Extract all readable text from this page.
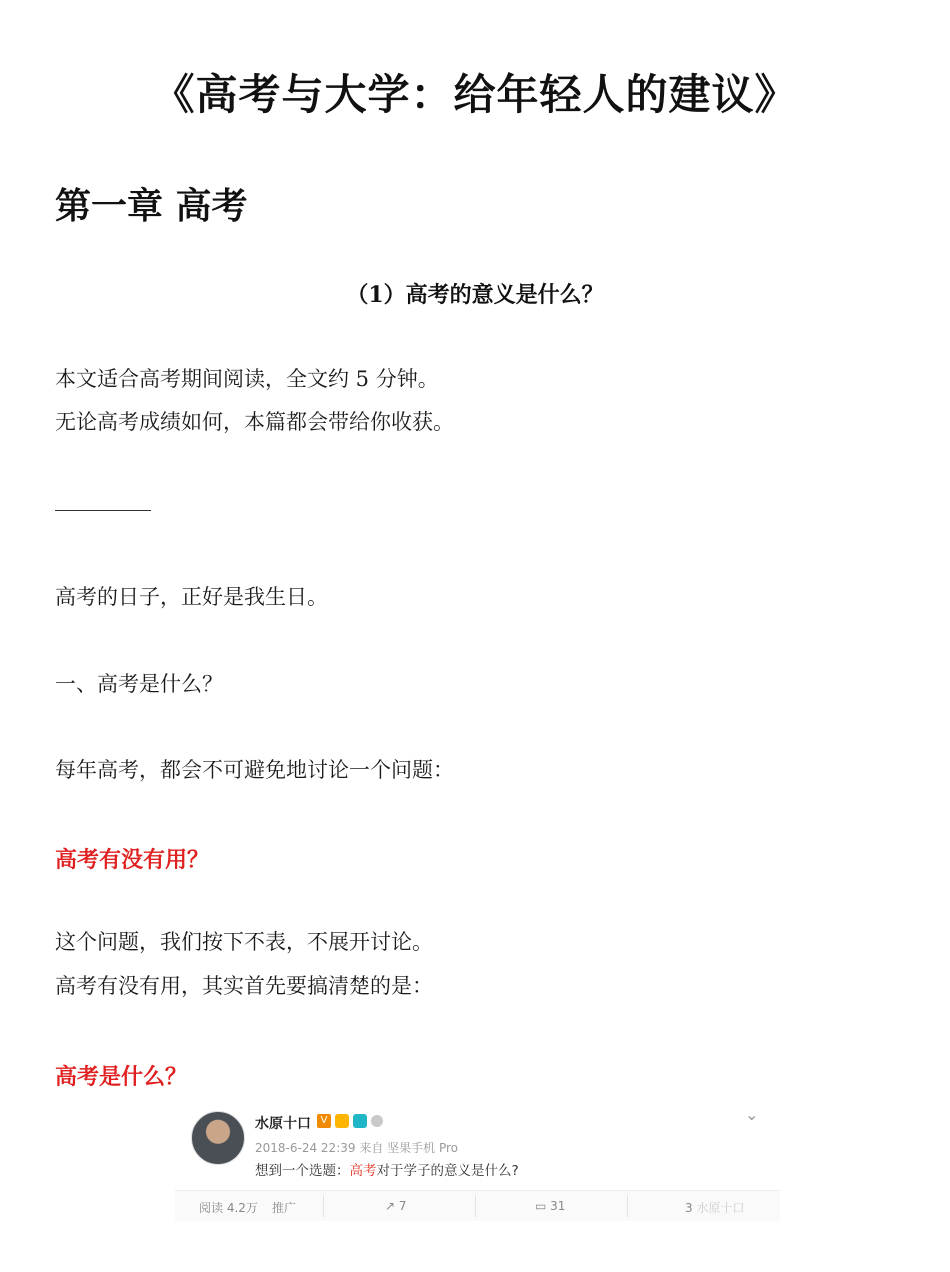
《高考与大学：给年轻人的建议》
第一章 高考
（1）高考的意义是什么？
本文适合高考期间阅读，全文约 5 分钟。
无论高考成绩如何，本篇都会带给你收获。
高考的日子，正好是我生日。
一、高考是什么？
每年高考，都会不可避免地讨论一个问题：
高考有没有用？
这个问题，我们按下不表，不展开讨论。
高考有没有用，其实首先要搞清楚的是：
高考是什么？
水原十口 V	⌄
2018-6-24 22:39 来自 坚果手机 Pro
想到一个选题：高考对于学子的意义是什么?
阅读 4.2万 推广	↗ 7	▭ 31	3 水原十口
